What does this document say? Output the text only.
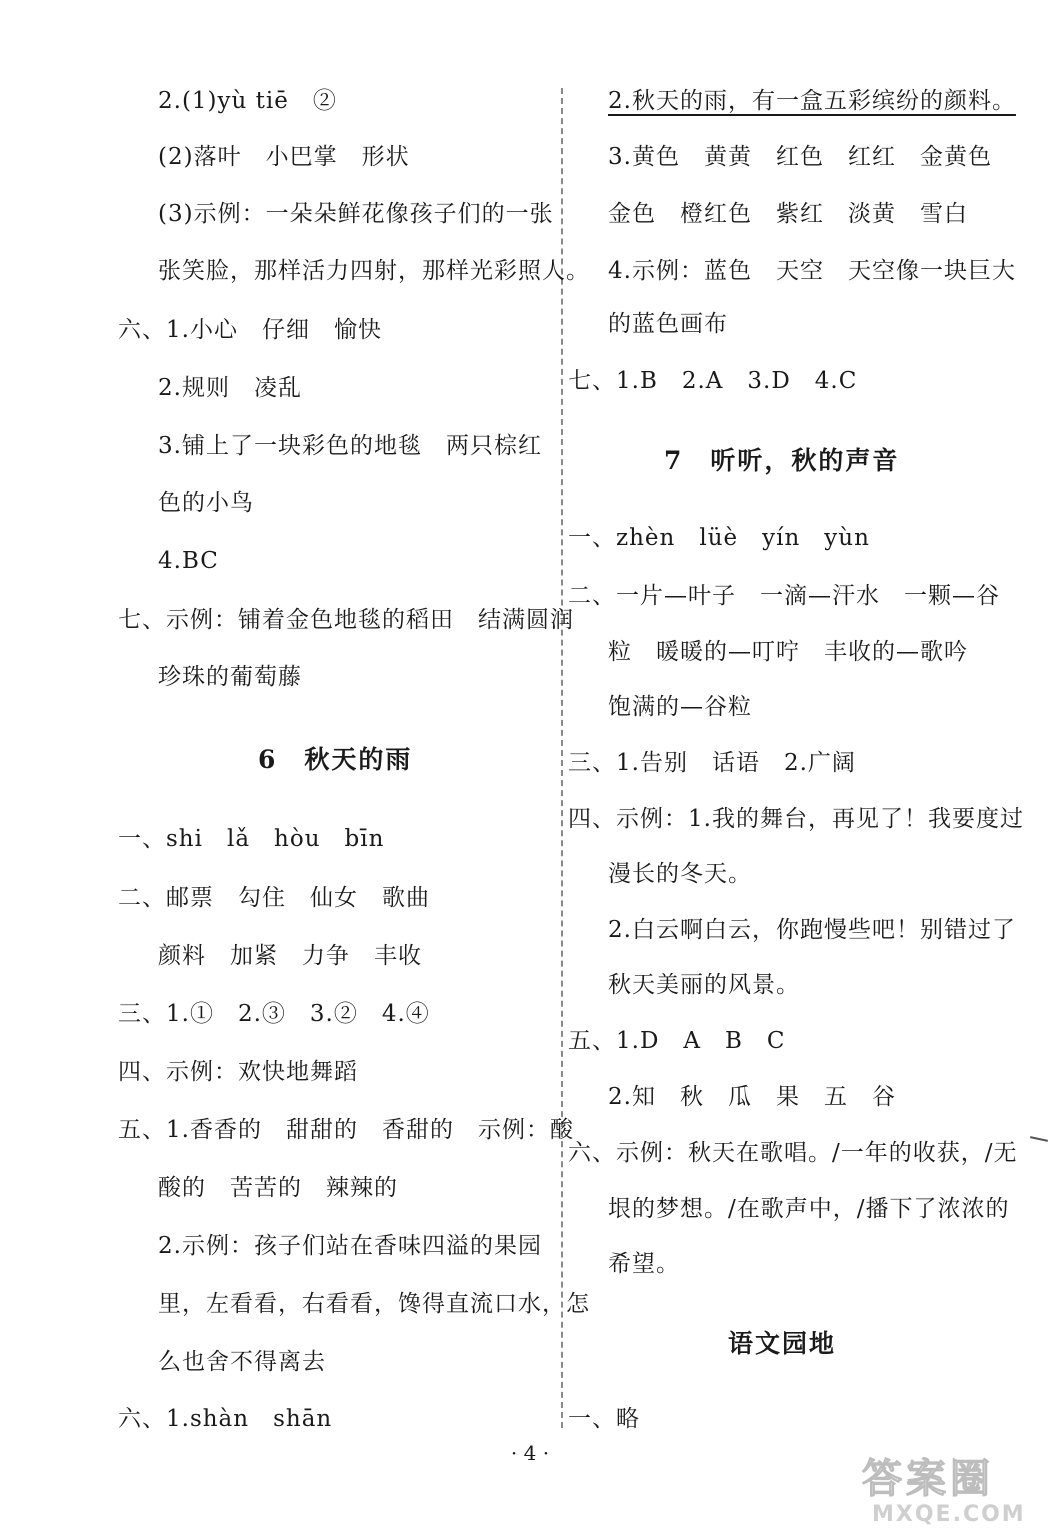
2.(1)yù tiē　②
(2)落叶　小巴掌　形状
(3)示例：一朵朵鲜花像孩子们的一张
张笑脸，那样活力四射，那样光彩照人。
六、1.小心　仔细　愉快
2.规则　凌乱
3.铺上了一块彩色的地毯　两只棕红
色的小鸟
4.BC
七、示例：铺着金色地毯的稻田　结满圆润
珍珠的葡萄藤
6　秋天的雨
一、shi　lǎ　hòu　bīn
二、邮票　勾住　仙女　歌曲
颜料　加紧　力争　丰收
三、1.①　2.③　3.②　4.④
四、示例：欢快地舞蹈
五、1.香香的　甜甜的　香甜的　示例：酸
酸的　苦苦的　辣辣的
2.示例：孩子们站在香味四溢的果园
里，左看看，右看看，馋得直流口水，怎
么也舍不得离去
六、1.shàn　shān
2.秋天的雨，有一盒五彩缤纷的颜料。
3.黄色　黄黄　红色　红红　金黄色
金色　橙红色　紫红　淡黄　雪白
4.示例：蓝色　天空　天空像一块巨大
的蓝色画布
七、1.B　2.A　3.D　4.C
7　听听，秋的声音
一、zhèn　lüè　yín　yùn
二、一片—叶子　一滴—汗水　一颗—谷
粒　暖暖的—叮咛　丰收的—歌吟
饱满的—谷粒
三、1.告别　话语　2.广阔
四、示例：1.我的舞台，再见了！我要度过
漫长的冬天。
2.白云啊白云，你跑慢些吧！别错过了
秋天美丽的风景。
五、1.D　A　B　C
2.知　秋　瓜　果　五　谷
六、示例：秋天在歌唱。/一年的收获，/无
垠的梦想。/在歌声中，/播下了浓浓的
希望。
语文园地
一、略
· 4 ·
答案圈
MXQE.COM
